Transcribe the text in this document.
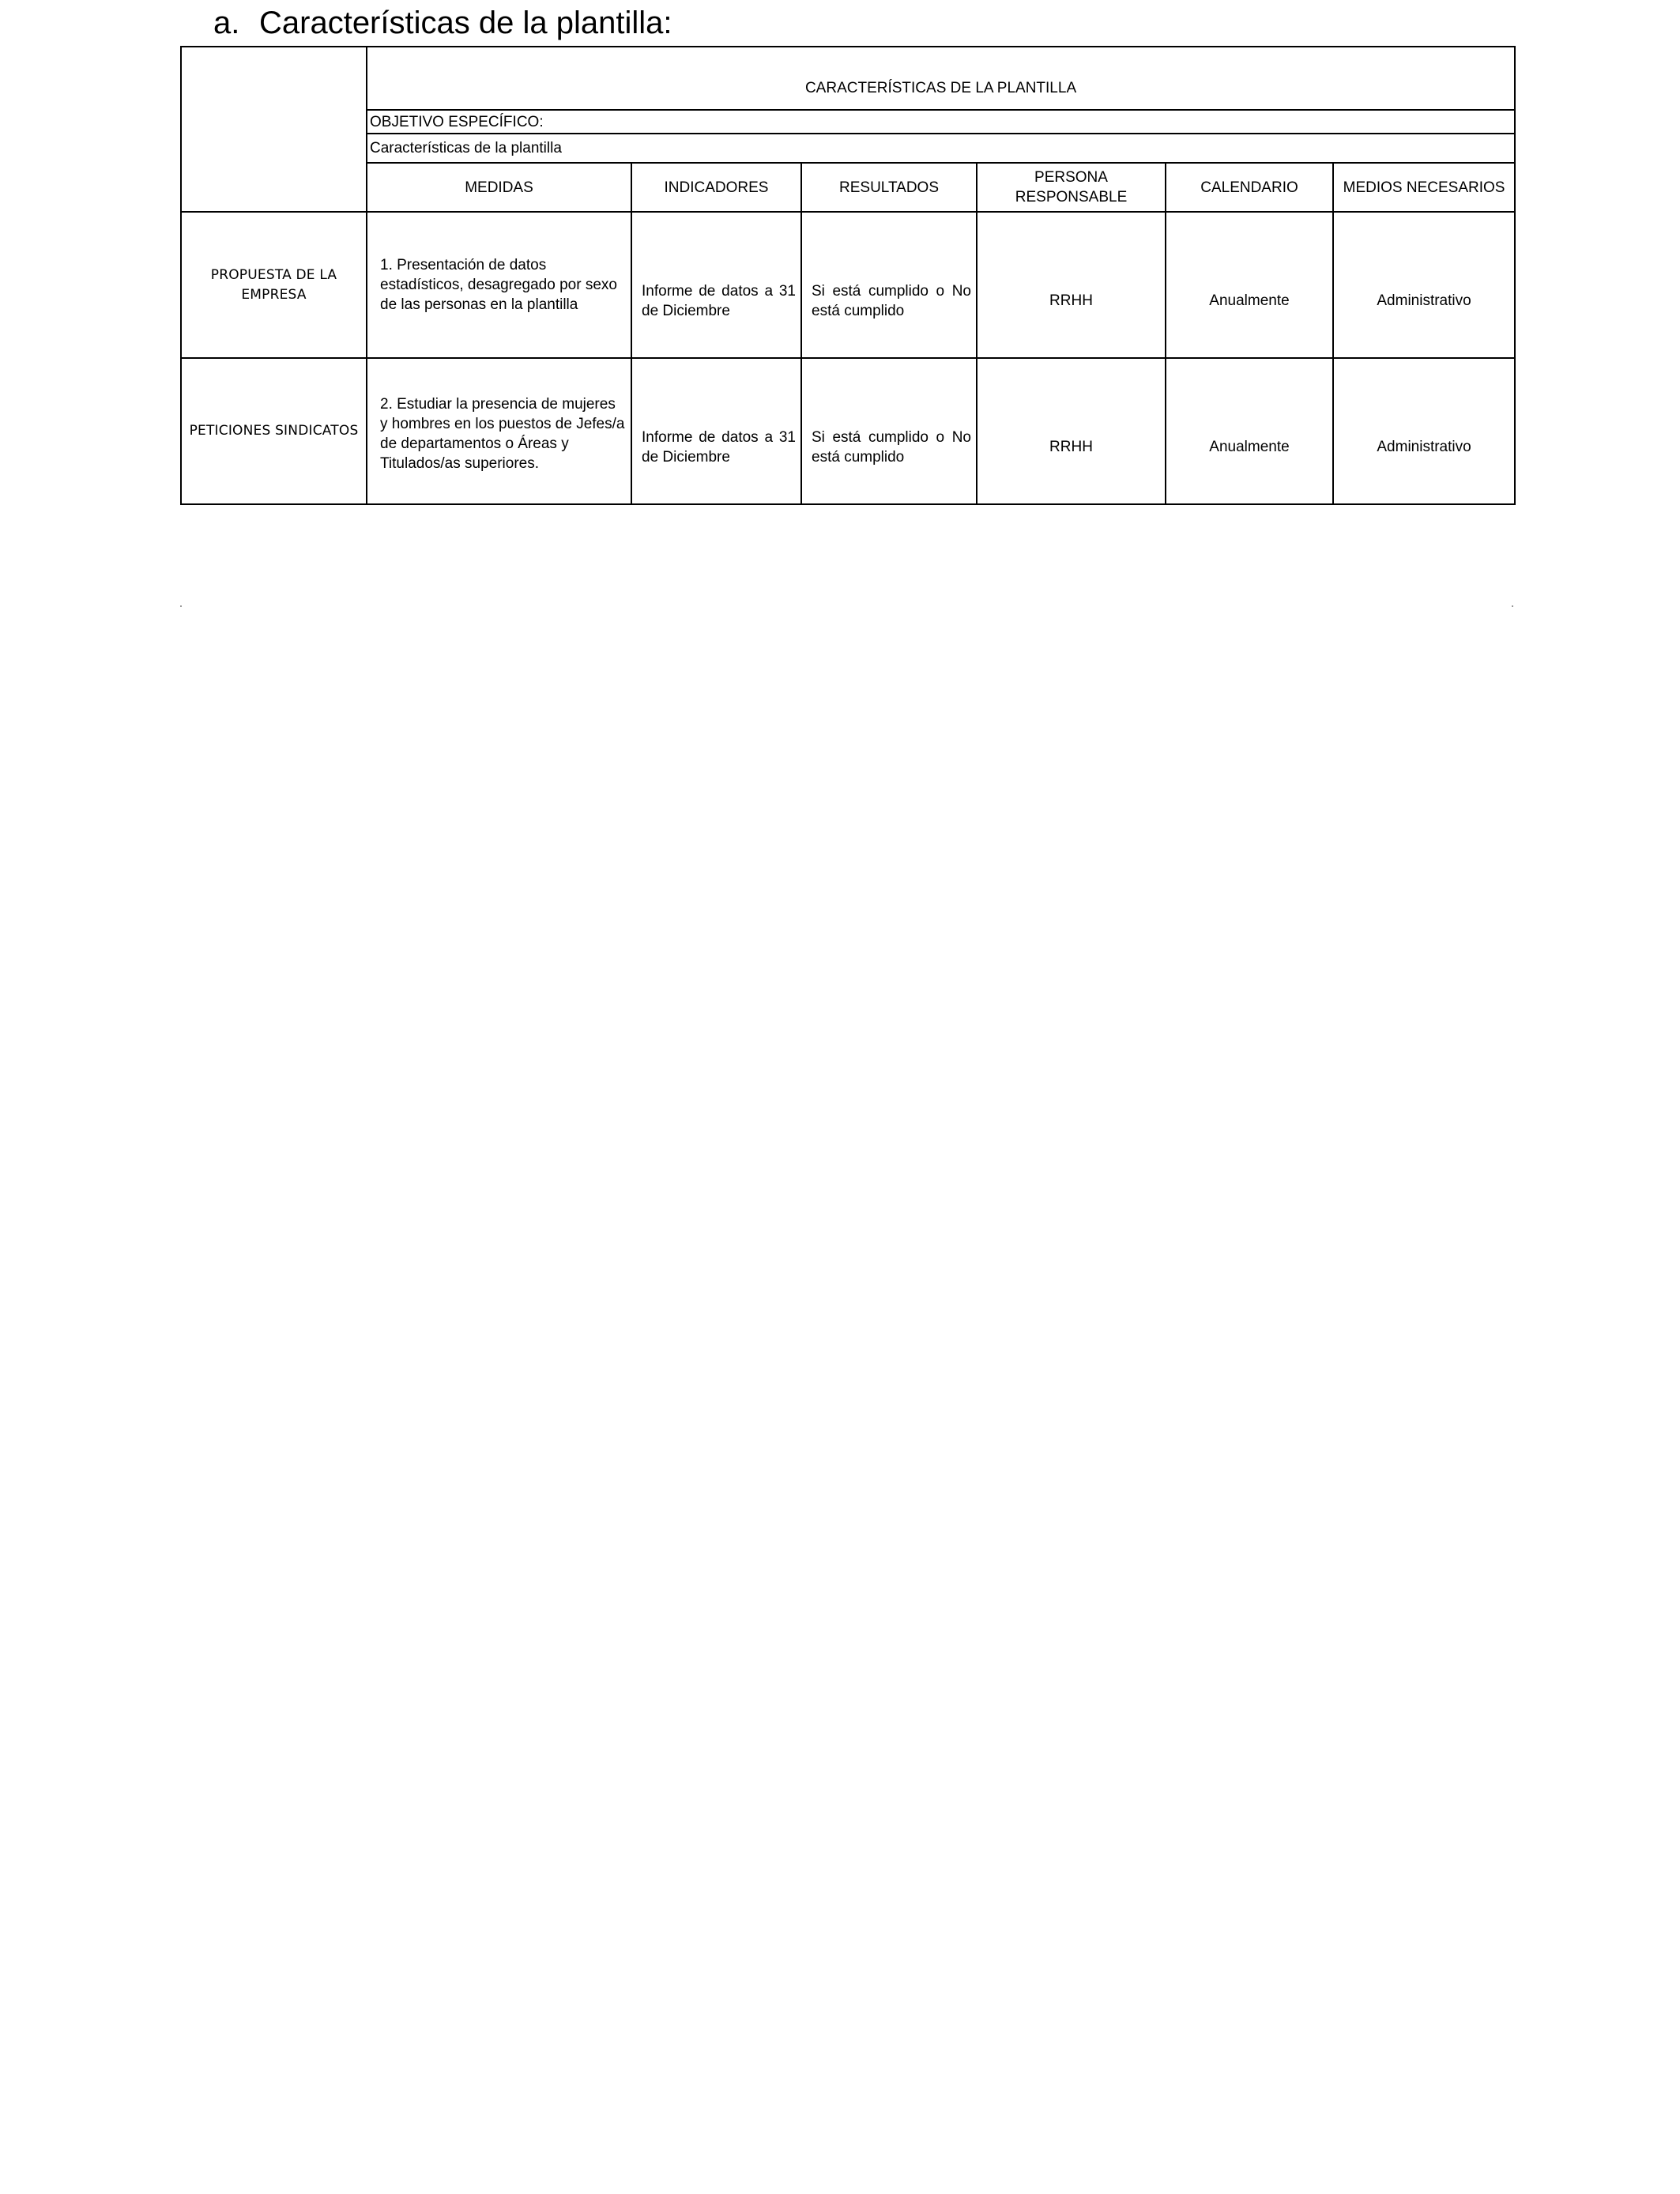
a. Características de la plantilla:
	CARACTERÍSTICAS DE LA PLANTILLA					
	OBJETIVO ESPECÍFICO:					
	Características de la plantilla					
	MEDIDAS	INDICADORES	RESULTADOS	PERSONA RESPONSABLE	CALENDARIO	MEDIOS NECESARIOS
PROPUESTA DE LA EMPRESA	1. Presentación de datos estadísticos, desagregado por sexo de las personas en la plantilla	Informe de datos a 31 de Diciembre	Si está cumplido o No está cumplido	RRHH	Anualmente	Administrativo
PETICIONES SINDICATOS	2. Estudiar la presencia de mujeres y hombres en los puestos de Jefes/a de departamentos o Áreas y Titulados/as superiores.	Informe de datos a 31 de Diciembre	Si está cumplido o No está cumplido	RRHH	Anualmente	Administrativo
